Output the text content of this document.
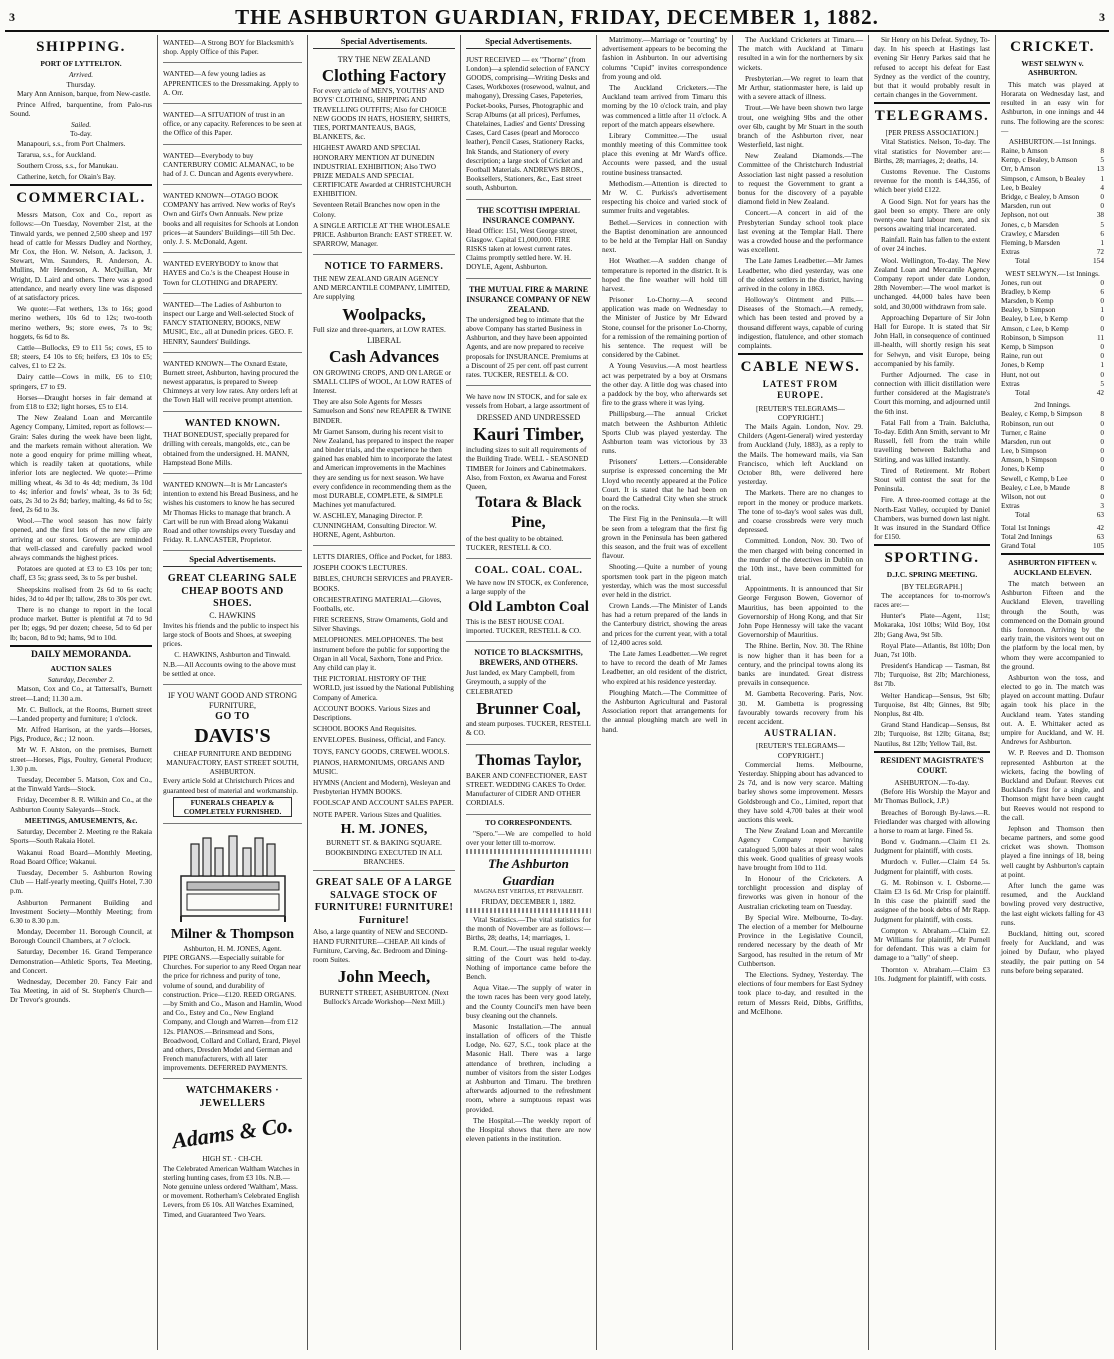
3	THE ASHBURTON GUARDIAN, FRIDAY, DECEMBER 1, 1882.	3
SHIPPING.
PORT OF LYTTELTON.
Arrived.
Thursday.

Mary Ann Annison, barque, from New-castle.

Prince Alfred, barquentine, from Palo-rus Sound.

Sailed.
To-day.

Manapouri, s.s., from Port Chalmers.

Tararua, s.s., for Auckland.

Southern Cross, s.s., for Manukau.

Catherine, ketch, for Okain's Bay.

COMMERCIAL.

Messrs Matson, Cox and Co., report as follows:—On Tuesday, November 21st, at the Tinwald yards, we penned 2,500 sheep and 197 head of cattle for Messrs Dudley and Northey, Mr Cox, the Hon. W. Nelson, A. Jackson, J. Stewart, Wm. Saunders, R. Anderson, A. Mullins, Mr Henderson, A. McQuillan, Mr Wright, D. Laird and others. There was a good attendance, and nearly every line was disposed of at satisfactory prices.

We quote:—Fat wethers, 13s to 16s; good merino wethers, 10s 6d to 12s; two-tooth merino wethers, 9s; store ewes, 7s to 9s; hoggets, 6s 6d to 8s.

Cattle—Bullocks, £9 to £11 5s; cows, £5 to £8; steers, £4 10s to £6; heifers, £3 10s to £5; calves, £1 to £2 2s.

Dairy cattle—Cows in milk, £6 to £10; springers, £7 to £9.

Horses—Draught horses in fair demand at from £18 to £32; light horses, £5 to £14.

The New Zealand Loan and Mercantile Agency Company, Limited, report as follows:—Grain: Sales during the week have been light, and the markets remain without alteration. We note a good enquiry for prime milling wheat, which is readily taken at quotations, while inferior lots are neglected. We quote:—Prime milling wheat, 4s 3d to 4s 4d; medium, 3s 10d to 4s; inferior and fowls' wheat, 3s to 3s 6d; oats, 2s 3d to 2s 8d; barley, malting, 4s 6d to 5s; feed, 2s 6d to 3s.

Wool.—The wool season has now fairly opened, and the first lots of the new clip are arriving at our stores. Growers are reminded that well-classed and carefully packed wool always commands the highest prices.

Potatoes are quoted at £3 to £3 10s per ton; chaff, £3 5s; grass seed, 3s to 5s per bushel.

Sheepskins realised from 2s 6d to 6s each; hides, 3d to 4d per lb; tallow, 28s to 30s per cwt.

There is no change to report in the local produce market. Butter is plentiful at 7d to 9d per lb; eggs, 9d per dozen; cheese, 5d to 6d per lb; bacon, 8d to 9d; hams, 9d to 10d.

DAILY MEMORANDA.
AUCTION SALES
Saturday, December 2.

Matson, Cox and Co., at Tattersall's, Burnett street—Land; 11.30 a.m.

Mr. C. Bullock, at the Rooms, Burnett street—Landed property and furniture; 1 o'clock.

Mr. Alfred Harrison, at the yards—Horses, Pigs, Produce, &c.; 12 noon.

Mr W. F. Alston, on the premises, Burnett street—Horses, Pigs, Poultry, General Produce; 1.30 p.m.

Tuesday, December 5. Matson, Cox and Co., at the Tinwald Yards—Stock.

Friday, December 8. R. Wilkin and Co., at the Ashburton County Saleyards—Stock.

MEETINGS, AMUSEMENTS, &c.

Saturday, December 2. Meeting re the Rakaia Sports—South Rakaia Hotel.

Wakanui Road Board—Monthly Meeting, Road Board Office; Wakanui.

Tuesday, December 5. Ashburton Rowing Club — Half-yearly meeting, Quill's Hotel, 7.30 p.m.

Ashburton Permanent Building and Investment Society—Monthly Meeting; from 6.30 to 8.30 p.m.

Monday, December 11. Borough Council, at Borough Council Chambers, at 7 o'clock.

Saturday, December 16. Grand Temperance Demonstration—Athletic Sports, Tea Meeting, and Concert.

Wednesday, December 20. Fancy Fair and Tea Meeting, in aid of St. Stephen's Church—Dr Trevor's grounds.

WANTED—A Strong BOY for Blacksmith's shop. Apply Office of this Paper.

WANTED—A few young ladies as APPRENTICES to the Dressmaking. Apply to A. Orr.

WANTED—A SITUATION of trust in an office, or any capacity. References to be seen at the Office of this Paper.

WANTED—Everybody to buy CANTERBURY COMIC ALMANAC, to be had of J. C. Duncan and Agents everywhere.

WANTED KNOWN—OTAGO BOOK COMPANY has arrived. New works of Rey's Own and Girl's Own Annuals. New prize books and all requisites for Schools at London prices—at Saunders' Buildings—till 5th Dec. only. J. S. McDonald, Agent.

WANTED EVERYBODY to know that HAYES and Co.'s is the Cheapest House in Town for CLOTHING and DRAPERY.

WANTED—The Ladies of Ashburton to inspect our Large and Well-selected Stock of FANCY STATIONERY, BOOKS, NEW MUSIC, Etc., all at Dunedin prices. GEO. F. HENRY, Saunders' Buildings.

WANTED KNOWN—The Oxnard Estate, Burnett street, Ashburton, having procured the newest apparatus, is prepared to Sweep Chimneys at very low rates. Any orders left at the Town Hall will receive prompt attention.

WANTED KNOWN.

THAT BONEDUST, specially prepared for drilling with cereals, mangolds, etc., can be obtained from the undersigned. H. MANN, Hampstead Bone Mills.

WANTED KNOWN—It is Mr Lancaster's intention to extend his Bread Business, and he wishes his customers to know he has secured Mr Thomas Hicks to manage that branch. A Cart will be run with Bread along Wakanui Road and other townships every Tuesday and Friday. R. LANCASTER, Proprietor.

Special Advertisements.
GREAT CLEARING SALE CHEAP BOOTS AND SHOES.
C. HAWKINS

Invites his friends and the public to inspect his large stock of Boots and Shoes, at sweeping prices.

C. HAWKINS, Ashburton and Tinwald.

N.B.—All Accounts owing to the above must be settled at once.

IF YOU WANT GOOD AND STRONG FURNITURE,
GO TO
DAVIS'S
CHEAP FURNITURE AND BEDDING MANUFACTORY, EAST STREET SOUTH, ASHBURTON.

Every article Sold at Christchurch Prices and guaranteed best of material and workmanship.

FUNERALS CHEAPLY & COMPLETELY FURNISHED.
Milner & Thompson
Ashburton, H. M. JONES, Agent.

PIPE ORGANS.—Especially suitable for Churches. For superior to any Reed Organ near the price for richness and purity of tone, volume of sound, and durability of construction. Price—£120. REED ORGANS.—by Smith and Co., Mason and Hamlin, Wood and Co., Estey and Co., New England Company, and Clough and Warren—from £12 12s. PIANOS.—Brinsmead and Sons, Broadwood, Collard and Collard, Erard, Pleyel and others, Dresden Model and German and French manufacturers, with all later improvements. DEFERRED PAYMENTS.

WATCHMAKERS · JEWELLERS
Adams & Co.
HIGH ST. · CH-CH.

The Celebrated American Waltham Watches in sterling hunting cases, from £3 10s. N.B.—Note genuine unless ordered 'Waltham', Mass. or movement. Rotherham's Celebrated English Levers, from £6 10s. All Watches Examined, Timed, and Guaranteed Two Years.

Special Advertisements.
TRY THE NEW ZEALAND
Clothing Factory

For every article of MEN'S, YOUTHS' AND BOYS' CLOTHING, SHIPPING AND TRAVELLING OUTFITS; Also for CHOICE NEW GOODS IN HATS, HOSIERY, SHIRTS, TIES, PORTMANTEAUS, BAGS, BLANKETS, &c.

HIGHEST AWARD AND SPECIAL HONORARY MENTION AT DUNEDIN INDUSTRIAL EXHIBITION; Also TWO PRIZE MEDALS AND SPECIAL CERTIFICATE Awarded at CHRISTCHURCH EXHIBITION.

Seventeen Retail Branches now open in the Colony.

A SINGLE ARTICLE AT THE WHOLESALE PRICE. Ashburton Branch: EAST STREET. W. SPARROW, Manager.

NOTICE TO FARMERS.

THE NEW ZEALAND GRAIN AGENCY AND MERCANTILE COMPANY, LIMITED, Are supplying

Woolpacks,

Full size and three-quarters, at LOW RATES.

LIBERAL
Cash Advances

ON GROWING CROPS, AND ON LARGE or SMALL CLIPS of WOOL, At LOW RATES of Interest.

They are also Sole Agents for Messrs Samuelson and Sons' new REAPER & TWINE BINDER.

Mr Garnet Sansom, during his recent visit to New Zealand, has prepared to inspect the reaper and binder trials, and the experience he then gained has enabled him to incorporate the latest and American improvements in the Machines they are sending us for next season. We have every confidence in recommending them as the most DURABLE, COMPLETE, & SIMPLE Machines yet manufactured.

W. ASCHLEY, Managing Director. P. CUNNINGHAM, Consulting Director. W. HORNE, Agent, Ashburton.

LETTS DIARIES, Office and Pocket, for 1883.

JOSEPH COOK'S LECTURES.

BIBLES, CHURCH SERVICES and PRAYER-BOOKS.

ORCHESTRATING MATERIAL—Gloves, Footballs, etc.

FIRE SCREENS, Straw Ornaments, Gold and Silver Shavings.

MELOPHONES. MELOPHONES. The best instrument before the public for supporting the Organ in all Vocal, Saxhorn, Tone and Price. Any child can play it.

THE PICTORIAL HISTORY OF THE WORLD, just issued by the National Publishing Company of America.

ACCOUNT BOOKS. Various Sizes and Descriptions.

SCHOOL BOOKS And Requisites.

ENVELOPES. Business, Official, and Fancy.

TOYS, FANCY GOODS, CREWEL WOOLS.

PIANOS, HARMONIUMS, ORGANS AND MUSIC.

HYMNS (Ancient and Modern), Wesleyan and Presbyterian HYMN BOOKS.

FOOLSCAP AND ACCOUNT SALES PAPER.

NOTE PAPER. Various Sizes and Qualities.

H. M. JONES,
BURNETT ST. & BAKING SQUARE. BOOKBINDING EXECUTED IN ALL BRANCHES.
GREAT SALE OF A LARGE SALVAGE STOCK OF FURNITURE! FURNITURE! Furniture!

Also, a large quantity of NEW and SECOND-HAND FURNITURE—CHEAP. All kinds of Furniture, Carving, &c. Bedroom and Dining-room Suites.

John Meech,
BURNETT STREET, ASHBURTON. (Next Bullock's Arcade Workshop—Next Mill.)
Special Advertisements.

JUST RECEIVED — ex "Thorne" (from London)—a splendid selection of FANCY GOODS, comprising—Writing Desks and Cases, Workboxes (rosewood, walnut, and mahogany), Dressing Cases, Papeteries, Pocket-books, Purses, Photographic and Scrap Albums (at all prices), Perfumes, Chatelaines, Ladies' and Gents' Dressing Cases, Card Cases (pearl and Morocco leather), Pencil Cases, Stationery Racks, Ink Stands, and Stationery of every description; a large stock of Cricket and Football Materials. ANDREWS BROS., Booksellers, Stationers, &c., East street south, Ashburton.

THE SCOTTISH IMPERIAL INSURANCE COMPANY.

Head Office: 151, West George street, Glasgow. Capital £1,000,000. FIRE RISKS taken at lowest current rates. Claims promptly settled here. W. H. DOYLE, Agent, Ashburton.

THE MUTUAL FIRE & MARINE INSURANCE COMPANY OF NEW ZEALAND.

The undersigned beg to intimate that the above Company has started Business in Ashburton, and they have been appointed Agents, and are now prepared to receive proposals for INSURANCE. Premiums at a Discount of 25 per cent. off past current rates. TUCKER, RESTELL & CO.

We have now IN STOCK, and for sale ex vessels from Hobart, a large assortment of

DRESSED AND UNDRESSED
Kauri Timber,

including sizes to suit all requirements of the Building Trade. WELL - SEASONED TIMBER for Joiners and Cabinetmakers. Also, from Foxton, ex Awarua and Forest Queen,

Totara & Black Pine,

of the best quality to be obtained. TUCKER, RESTELL & CO.

COAL. COAL. COAL.

We have now IN STOCK, ex Conference, a large supply of the

Old Lambton Coal

This is the BEST HOUSE COAL imported. TUCKER, RESTELL & CO.

NOTICE TO BLACKSMITHS, BREWERS, AND OTHERS.

Just landed, ex Mary Campbell, from Greymouth, a supply of the CELEBRATED

Brunner Coal,

and steam purposes. TUCKER, RESTELL & CO.

Thomas Taylor,

BAKER AND CONFECTIONER, EAST STREET. WEDDING CAKES To Order. Manufacturer of CIDER AND OTHER CORDIALS.

TO CORRESPONDENTS.

"Spero."—We are compelled to hold over your letter till to-morrow.

The Ashburton Guardian
MAGNA EST VERITAS, ET PREVALEBIT.
FRIDAY, DECEMBER 1, 1882.

Vital Statistics.—The vital statistics for the month of November are as follows:—Births, 28; deaths, 14; marriages, 1.

R.M. Court.—The usual regular weekly sitting of the Court was held to-day. Nothing of importance came before the Bench.

Aqua Vitae.—The supply of water in the town races has been very good lately, and the County Council's men have been busy cleaning out the channels.

Masonic Installation.—The annual installation of officers of the Thistle Lodge, No. 627, S.C., took place at the Masonic Hall. There was a large attendance of brethren, including a number of visitors from the sister Lodges at Ashburton and Timaru. The brethren afterwards adjourned to the refreshment room, where a sumptuous repast was provided.

The Hospital.—The weekly report of the Hospital shows that there are now eleven patients in the institution.

Matrimony.—Marriage or "courting" by advertisement appears to be becoming the fashion in Ashburton. In our advertising columns "Cupid" invites correspondence from young and old.

The Auckland Cricketers.—The Auckland team arrived from Timaru this morning by the 10 o'clock train, and play was commenced a little after 11 o'clock. A report of the match appears elsewhere.

Library Committee.—The usual monthly meeting of this Committee took place this evening at Mr Ward's office. Accounts were passed, and the usual routine business transacted.

Methodism.—Attention is directed to Mr W. C. Purkiss's advertisement respecting his choice and varied stock of summer fruits and vegetables.

Bethel.—Services in connection with the Baptist denomination are announced to be held at the Templar Hall on Sunday next.

Hot Weather.—A sudden change of temperature is reported in the district. It is hoped the fine weather will hold till harvest.

Prisoner Lo-Chorny.—A second application was made on Wednesday to the Minister of Justice by Mr Edward Stone, counsel for the prisoner Lo-Chorny, for a remission of the remaining portion of his sentence. The request will be considered by the Cabinet.

A Young Vesuvius.—A most heartless act was perpetrated by a boy at Orsmans the other day. A little dog was chased into a paddock by the boy, who afterwards set fire to the grass where it was lying.

Phillipsburg.—The annual Cricket match between the Ashburton Athletic Sports Club was played yesterday. The Ashburton team was victorious by 33 runs.

Prisoners' Letters.—Considerable surprise is expressed concerning the Mr Lloyd who recently appeared at the Police Court. It is stated that he had been on board the Cathedral City when she struck on the rocks.

The First Fig in the Peninsula.—It will be seen from a telegram that the first fig grown in the Peninsula has been gathered this season, and the fruit was of excellent flavour.

Shooting.—Quite a number of young sportsmen took part in the pigeon match yesterday, which was the most successful ever held in the district.

Crown Lands.—The Minister of Lands has had a return prepared of the lands in the Canterbury district, showing the areas and prices for the current year, with a total of 12,400 acres sold.

The Late James Leadbetter.—We regret to have to record the death of Mr James Leadbetter, an old resident of the district, who expired at his residence yesterday.

Ploughing Match.—The Committee of the Ashburton Agricultural and Pastoral Association report that arrangements for the annual ploughing match are well in hand.

The Auckland Cricketers at Timaru.—The match with Auckland at Timaru resulted in a win for the northerners by six wickets.

Presbyterian.—We regret to learn that Mr Arthur, stationmaster here, is laid up with a severe attack of illness.

Trout.—We have been shown two large trout, one weighing 9lbs and the other over 6lb, caught by Mr Stuart in the south branch of the Ashburton river, near Westerfield, last night.

New Zealand Diamonds.—The Committee of the Christchurch Industrial Association last night passed a resolution to request the Government to grant a bonus for the discovery of a payable diamond field in New Zealand.

Concert.—A concert in aid of the Presbyterian Sunday school took place last evening at the Templar Hall. There was a crowded house and the performance was excellent.

The Late James Leadbetter.—Mr James Leadbetter, who died yesterday, was one of the oldest settlers in the district, having arrived in the colony in 1863.

Holloway's Ointment and Pills.—Diseases of the Stomach.—A remedy, which has been tested and proved by a thousand different ways, capable of curing indigestion, flatulence, and other stomach complaints.

CABLE NEWS.
LATEST FROM EUROPE.
[REUTER'S TELEGRAMS—COPYRIGHT.]

The Mails Again. London, Nov. 29. Childers (Agent-General) wired yesterday from Auckland (July, 1883), as a reply to the Mails. The homeward mails, via San Francisco, which left Auckland on October 8th, were delivered here yesterday.

The Markets. There are no changes to report in the money or produce markets. The tone of to-day's wool sales was dull, and coarse crossbreds were very much depressed.

Committed. London, Nov. 30. Two of the men charged with being concerned in the murder of the detectives in Dublin on the 10th inst., have been committed for trial.

Appointments. It is announced that Sir George Ferguson Bowen, Governor of Mauritius, has been appointed to the Governorship of Hong Kong, and that Sir John Pope Hennessy will take the vacant Governorship of Mauritius.

The Rhine. Berlin, Nov. 30. The Rhine is now higher than it has been for a century, and the principal towns along its banks are inundated. Great distress prevails in consequence.

M. Gambetta Recovering. Paris, Nov. 30. M. Gambetta is progressing favourably towards recovery from his recent accident.

AUSTRALIAN.
[REUTER'S TELEGRAMS—COPYRIGHT.]

Commercial Items. Melbourne, Yesterday. Shipping about has advanced to 2s 7d, and is now very scarce. Malting barley shows some improvement. Messrs Goldsbrough and Co., Limited, report that they have sold 4,700 bales at their wool auctions this week.

The New Zealand Loan and Mercantile Agency Company report having catalogued 5,000 bales at their wool sales this week. Good qualities of greasy wools have brought from 10d to 11d.

In Honour of the Cricketers. A torchlight procession and display of fireworks was given in honour of the Australian cricketing team on Tuesday.

By Special Wire. Melbourne, To-day. The election of a member for Melbourne Province in the Legislative Council, rendered necessary by the death of Mr Sargood, has resulted in the return of Mr Cuthbertson.

The Elections. Sydney, Yesterday. The elections of four members for East Sydney took place to-day, and resulted in the return of Messrs Reid, Dibbs, Griffiths, and McElhone.

Sir Henry on his Defeat. Sydney, To-day. In his speech at Hastings last evening Sir Henry Parkes said that he refused to accept his defeat for East Sydney as the verdict of the country, but that it would probably result in certain changes in the Government.

TELEGRAMS.
[PER PRESS ASSOCIATION.]

Vital Statistics. Nelson, To-day. The vital statistics for November are:—Births, 28; marriages, 2; deaths, 14.

Customs Revenue. The Customs revenue for the month is £44,356, of which beer yield £122.

A Good Sign. Not for years has the gaol been so empty. There are only twenty-one hard labour men, and six persons awaiting trial incarcerated.

Rainfall. Rain has fallen to the extent of over 24 inches.

Wool. Wellington, To-day. The New Zealand Loan and Mercantile Agency Company report under date London, 28th November:—The wool market is unchanged. 44,000 bales have been sold, and 30,000 withdrawn from sale.

Approaching Departure of Sir John Hall for Europe. It is stated that Sir John Hall, in consequence of continued ill-health, will shortly resign his seat for Selwyn, and visit Europe, being accompanied by his family.

Further Adjourned. The case in connection with illicit distillation were further considered at the Magistrate's Court this morning, and adjourned until the 6th inst.

Fatal Fall from a Train. Balclutha, To-day. Edith Ann Smith, servant to Mr Russell, fell from the train while travelling between Balclutha and Stirling, and was killed instantly.

Tired of Retirement. Mr Robert Stout will contest the seat for the Peninsula.

Fire. A three-roomed cottage at the North-East Valley, occupied by Daniel Chambers, was burned down last night. It was insured in the Standard Office for £150.

SPORTING.
D.J.C. SPRING MEETING.
[BY TELEGRAPH.]

The acceptances for to-morrow's races are:—

Hunter's Plate—Agent, 11st; Mokaraka, 10st 10lbs; Wild Boy, 10st 2lb; Gang Awa, 9st 5lb.

Royal Plate—Atlantis, 8st 10lb; Don Juan, 7st 10lb.

President's Handicap — Tasman, 8st 7lb; Turquoise, 8st 2lb; Marchioness, 8st 7lb.

Welter Handicap—Sensus, 9st 6lb; Turquoise, 8st 4lb; Ginnes, 8st 9lb; Nonplus, 8st 4lb.

Grand Stand Handicap—Sensus, 8st 2lb; Turquoise, 8st 12lb; Gitana, 8st; Nautilus, 8st 12lb; Yellow Tail, 8st.

RESIDENT MAGISTRATE'S COURT.
ASHBURTON.—To-day.

(Before His Worship the Mayor and Mr Thomas Bullock, J.P.)

Breaches of Borough By-laws.—R. Friedlander was charged with allowing a horse to roam at large. Fined 5s.

Bond v. Gudmann.—Claim £1 2s. Judgment for plaintiff, with costs.

Murdoch v. Fuller.—Claim £4 5s. Judgment for plaintiff, with costs.

G. M. Robinson v. I. Osborne.—Claim £3 1s 6d. Mr Crisp for plaintiff. In this case the plaintiff sued the assignee of the book debts of Mr Rapp. Judgment for plaintiff, with costs.

Compton v. Abraham.—Claim £2. Mr Williams for plaintiff, Mr Purnell for defendant. This was a claim for damage to a "tally" of sheep.

Thornton v. Abraham.—Claim £3 10s. Judgment for plaintiff, with costs.

CRICKET.
WEST SELWYN v. ASHBURTON.

This match was played at Horarata on Wednesday last, and resulted in an easy win for Ashburton, in one innings and 44 runs. The following are the scores:—

ASHBURTON.—1st Innings.
Raine, b Amson	8
Kemp, c Bealey, b Amson	5
Orr, b Amson	13
Simpson, c Amson, b Bealey 1
Lee, b Bealey	4
Bridge, c Bealey, b Amson	0
Marsden, run out	0
Jephson, not out	38
Jones, c, b Marsden	5
Crawley, c Marsden	6
Fleming, b Marsden	1
Extras	72
Total	154
WEST SELWYN.—1st Innings.
Jones, run out	0
Bradley, b Kemp	6
Marsden, b Kemp	0
Bealey, b Simpson	1
Bealey, b Lee, b Kemp	0
Amson, c Lee, b Kemp	0
Robinson, b Simpson	11
Kemp, b Simpson	0
Raine, run out	0
Jones, b Kemp	1
Hunt, not out	0
Extras	5
Total	42
2nd Innings.
Bealey, c Kemp, b Simpson	8
Robinson, run out	0
Turner, c Raine	0
Marsden, run out	0
Lee, b Simpson	0
Amson, b Simpson	0
Jones, b Kemp	0
Sewell, c Kemp, b Lee	0
Bealey, c Lee, b Maude	8
Wilson, not out	0
Extras	3
Total	63
Total 1st Innings	42
Total 2nd Innings	63
Grand Total	105
ASHBURTON FIFTEEN v. AUCKLAND ELEVEN.

The match between an Ashburton Fifteen and the Auckland Eleven, travelling through the South, was commenced on the Domain ground this forenoon. Arriving by the early train, the visitors went out on the platform by the local men, by whom they were accompanied to the ground.

Ashburton won the toss, and elected to go in. The match was played on account matting. Dufaur again took his place in the Auckland team. Yates standing out. A. E. Whittaker acted as umpire for Auckland, and W. H. Andrews for Ashburton.

W. P. Reeves and D. Thomson represented Ashburton at the wickets, facing the bowling of Buckland and Dufaur. Reeves cut Buckland's first for a single, and Thomson might have been caught but Reeves would not respond to the call.

Jephson and Thomson then became partners, and some good cricket was shown. Thomson played a fine innings of 18, being well caught by Ashburton's captain at point.

After lunch the game was resumed, and the Auckland bowling proved very destructive, the last eight wickets falling for 43 runs.

Buckland, hitting out, scored freely for Auckland, and was joined by Dufaur, who played steadily, the pair putting on 54 runs before being separated.
